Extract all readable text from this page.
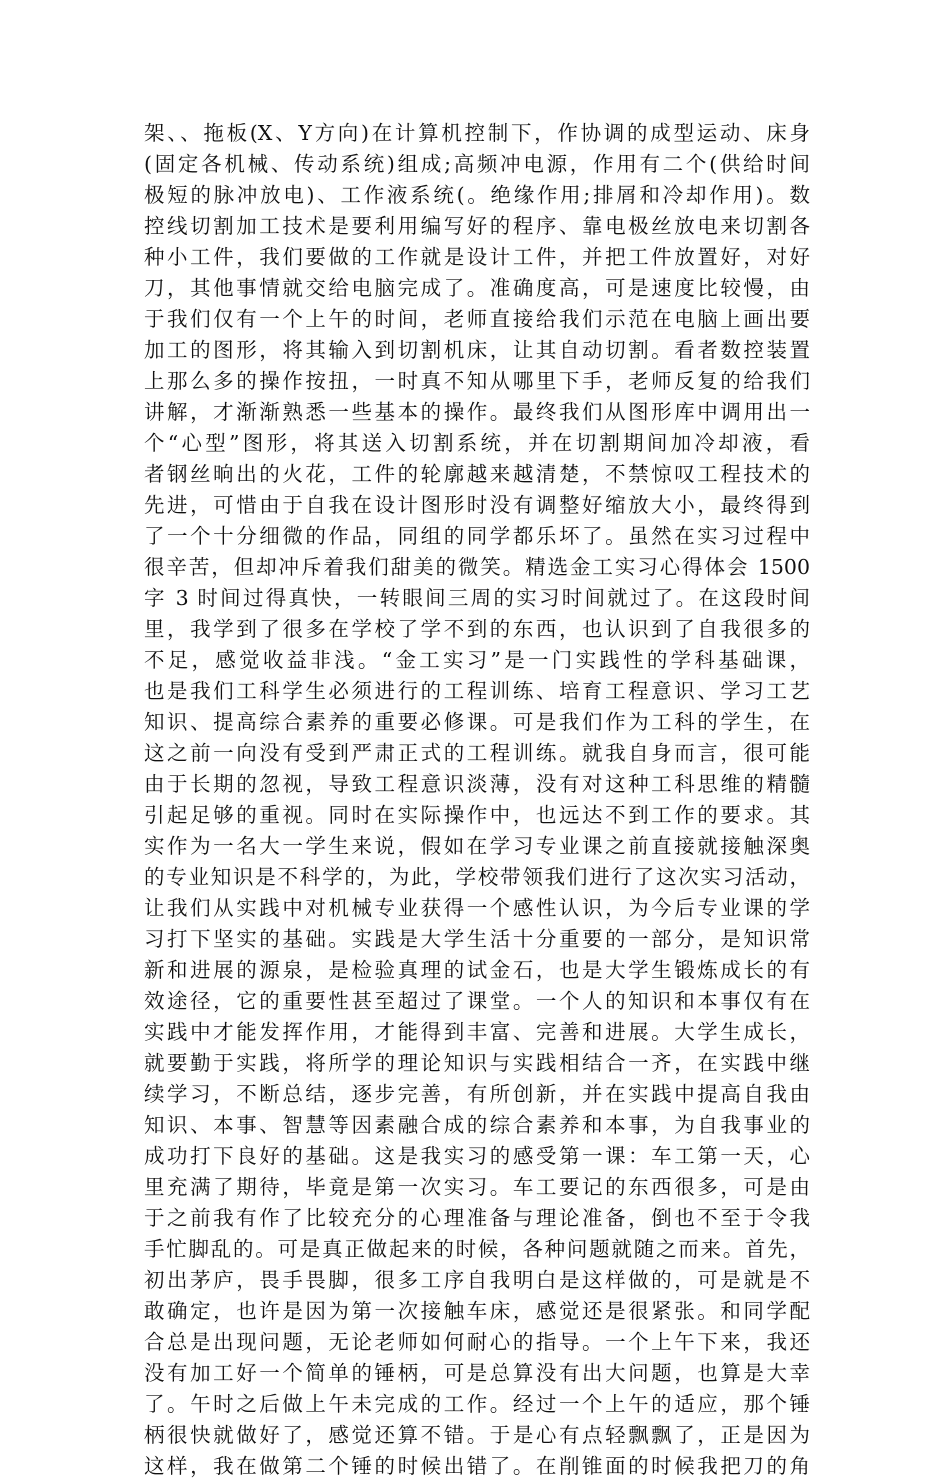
架、、拖板(X、Y方向)在计算机控制下，作协调的成型运动、床身
(固定各机械、传动系统)组成;高频冲电源，作用有二个(供给时间
极短的脉冲放电)、工作液系统(。绝缘作用;排屑和冷却作用)。数
控线切割加工技术是要利用编写好的程序、靠电极丝放电来切割各
种小工件，我们要做的工作就是设计工件，并把工件放置好，对好
刀，其他事情就交给电脑完成了。准确度高，可是速度比较慢，由
于我们仅有一个上午的时间，老师直接给我们示范在电脑上画出要
加工的图形，将其输入到切割机床，让其自动切割。看者数控装置
上那么多的操作按扭，一时真不知从哪里下手，老师反复的给我们
讲解，才渐渐熟悉一些基本的操作。最终我们从图形库中调用出一
个“心型”图形，将其送入切割系统，并在切割期间加冷却液，看
者钢丝晌出的火花，工件的轮廓越来越清楚，不禁惊叹工程技术的
先进，可惜由于自我在设计图形时没有调整好缩放大小，最终得到
了一个十分细微的作品，同组的同学都乐坏了。虽然在实习过程中
很辛苦，但却冲斥着我们甜美的微笑。精选金工实习心得体会 1500
字 3 时间过得真快，一转眼间三周的实习时间就过了。在这段时间
里，我学到了很多在学校了学不到的东西，也认识到了自我很多的
不足，感觉收益非浅。“金工实习”是一门实践性的学科基础课，
也是我们工科学生必须进行的工程训练、培育工程意识、学习工艺
知识、提高综合素养的重要必修课。可是我们作为工科的学生，在
这之前一向没有受到严肃正式的工程训练。就我自身而言，很可能
由于长期的忽视，导致工程意识淡薄，没有对这种工科思维的精髓
引起足够的重视。同时在实际操作中，也远达不到工作的要求。其
实作为一名大一学生来说，假如在学习专业课之前直接就接触深奥
的专业知识是不科学的，为此，学校带领我们进行了这次实习活动，
让我们从实践中对机械专业获得一个感性认识，为今后专业课的学
习打下坚实的基础。实践是大学生活十分重要的一部分，是知识常
新和进展的源泉，是检验真理的试金石，也是大学生锻炼成长的有
效途径，它的重要性甚至超过了课堂。一个人的知识和本事仅有在
实践中才能发挥作用，才能得到丰富、完善和进展。大学生成长，
就要勤于实践，将所学的理论知识与实践相结合一齐，在实践中继
续学习，不断总结，逐步完善，有所创新，并在实践中提高自我由
知识、本事、智慧等因素融合成的综合素养和本事，为自我事业的
成功打下良好的基础。这是我实习的感受第一课：车工第一天，心
里充满了期待，毕竟是第一次实习。车工要记的东西很多，可是由
于之前我有作了比较充分的心理准备与理论准备，倒也不至于令我
手忙脚乱的。可是真正做起来的时候，各种问题就随之而来。首先，
初出茅庐，畏手畏脚，很多工序自我明白是这样做的，可是就是不
敢确定，也许是因为第一次接触车床，感觉还是很紧张。和同学配
合总是出现问题，无论老师如何耐心的指导。一个上午下来，我还
没有加工好一个简单的锤柄，可是总算没有出大问题，也算是大幸
了。午时之后做上午未完成的工作。经过一个上午的适应，那个锤
柄很快就做好了，感觉还算不错。于是心有点轻飘飘了，正是因为
这样，我在做第二个锤的时候出错了。在削锥面的时候我把刀的角
